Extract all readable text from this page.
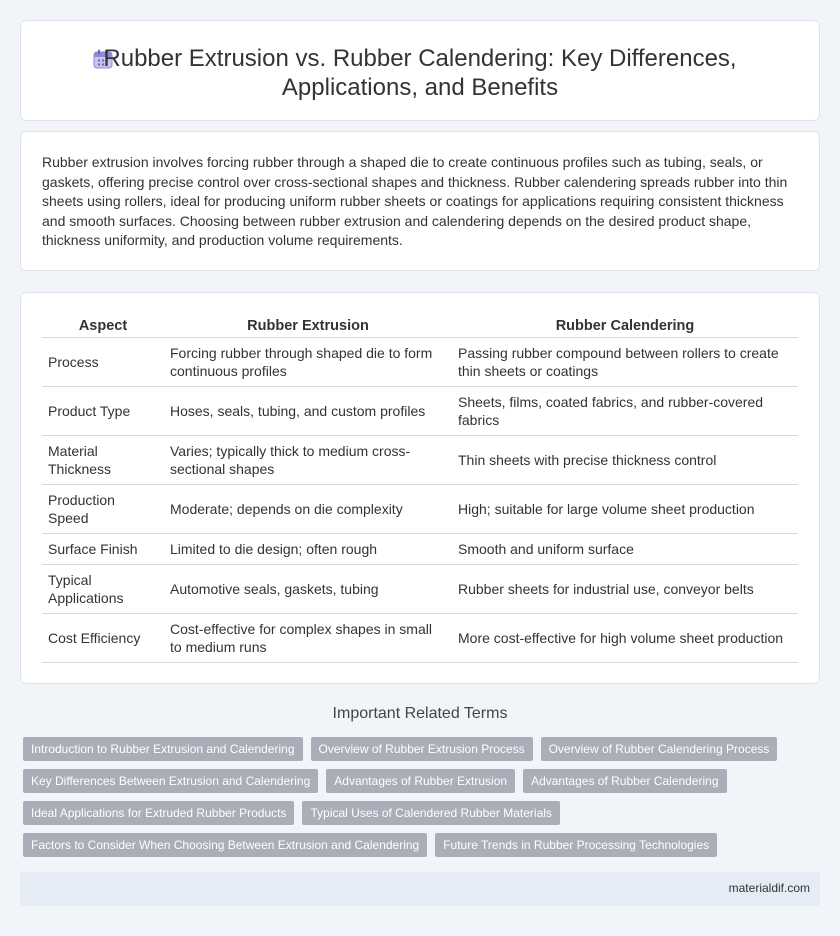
Rubber Extrusion vs. Rubber Calendering: Key Differences,
Applications, and Benefits

Rubber extrusion involves forcing rubber through a shaped die to create continuous profiles such as tubing, seals, or gaskets, offering precise control over cross-sectional shapes and thickness. Rubber calendering spreads rubber into thin sheets using rollers, ideal for producing uniform rubber sheets or coatings for applications requiring consistent thickness and smooth surfaces. Choosing between rubber extrusion and calendering depends on the desired product shape, thickness uniformity, and production volume requirements.

Aspect	Rubber Extrusion	Rubber Calendering
Process	Forcing rubber through shaped die to form continuous profiles	Passing rubber compound between rollers to create thin sheets or coatings
Product Type	Hoses, seals, tubing, and custom profiles	Sheets, films, coated fabrics, and rubber-covered fabrics
Material Thickness	Varies; typically thick to medium cross-sectional shapes	Thin sheets with precise thickness control
Production Speed	Moderate; depends on die complexity	High; suitable for large volume sheet production
Surface Finish	Limited to die design; often rough	Smooth and uniform surface
Typical Applications	Automotive seals, gaskets, tubing	Rubber sheets for industrial use, conveyor belts
Cost Efficiency	Cost-effective for complex shapes in small to medium runs	More cost-effective for high volume sheet production
Important Related Terms
Introduction to Rubber Extrusion and Calendering	Overview of Rubber Extrusion Process	Overview of Rubber Calendering Process
Key Differences Between Extrusion and Calendering	Advantages of Rubber Extrusion	Advantages of Rubber Calendering
Ideal Applications for Extruded Rubber Products	Typical Uses of Calendered Rubber Materials
Factors to Consider When Choosing Between Extrusion and Calendering	Future Trends in Rubber Processing Technologies
materialdif.com
